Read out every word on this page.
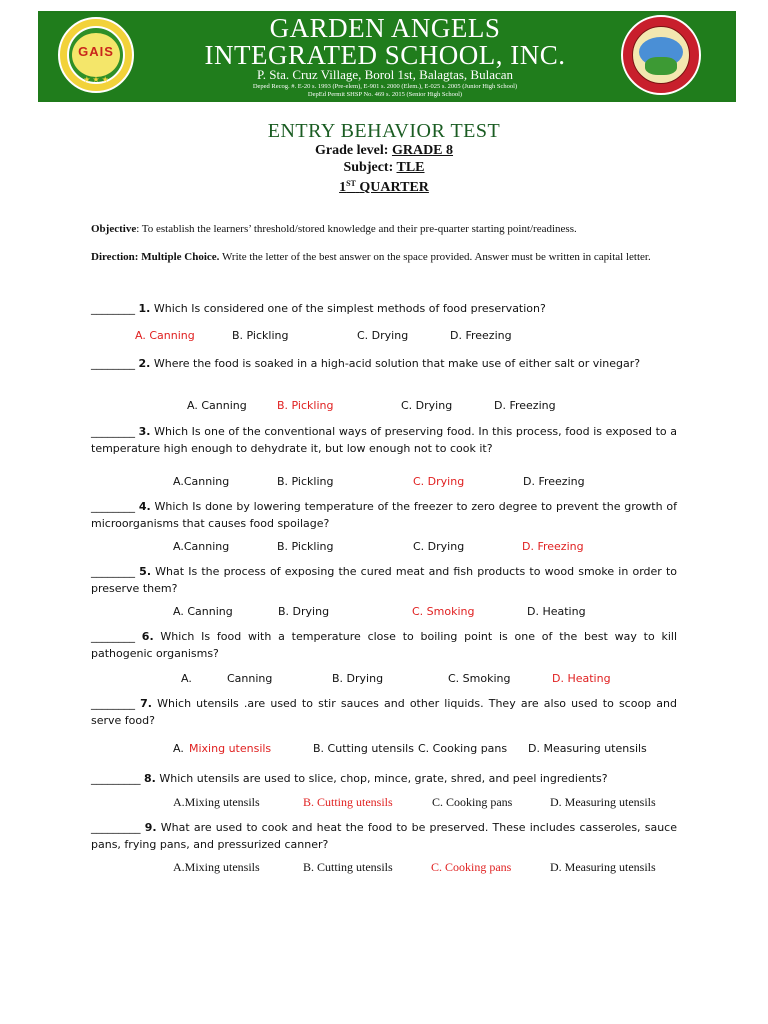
GAIS
★ ★ ★
GARDEN ANGELS
INTEGRATED SCHOOL, INC.
P. Sta. Cruz Village, Borol 1st, Balagtas, Bulacan
Deped Recog. #. E-20 s. 1993 (Pre-elem), E-901 s. 2000 (Elem.), E-025 s. 2005 (Junior High School)
DepEd Permit SHSP No. 469 s. 2015 (Senior High School)
ENTRY BEHAVIOR TEST
Grade level: GRADE 8
Subject: TLE
1ST QUARTER
Objective: To establish the learners’ threshold/stored knowledge and their pre-quarter starting point/readiness.
Direction: Multiple Choice. Write the letter of the best answer on the space provided. Answer must be written in capital letter.
________ 1. Which Is considered one of the simplest methods of food preservation?
A. Canning	B. Pickling	C. Drying	D. Freezing
________ 2. Where the food is soaked in a high-acid solution that make use of either salt or vinegar?
A. Canning	B. Pickling	C. Drying	D. Freezing
________ 3. Which Is one of the conventional ways of preserving food. In this process, food is exposed to a temperature high enough to dehydrate it, but low enough not to cook it?
A.Canning	B. Pickling	C. Drying	D. Freezing
________ 4. Which Is done by lowering temperature of the freezer to zero degree to prevent the growth of microorganisms that causes food spoilage?
A.Canning	B. Pickling	C. Drying	D. Freezing
________ 5. What Is the process of exposing the cured meat and fish products to wood smoke in order to preserve them?
A. Canning	B. Drying	C. Smoking	D. Heating
________ 6. Which Is food with a temperature close to boiling point is one of the best way to kill pathogenic organisms?
A.	Canning	B. Drying	C. Smoking	D. Heating
________ 7. Which utensils .are used to stir sauces and other liquids. They are also used to scoop and serve food?
A. Mixing utensils	B. Cutting utensils C. Cooking pans D. Measuring utensils
_________ 8. Which utensils are used to slice, chop, mince, grate, shred, and peel ingredients?
A.Mixing utensils	B. Cutting utensils	C. Cooking pans	D. Measuring utensils
_________ 9. What are used to cook and heat the food to be preserved. These includes casseroles, sauce pans, frying pans, and pressurized canner?
A.Mixing utensils	B. Cutting utensils	C. Cooking pans	D. Measuring utensils
